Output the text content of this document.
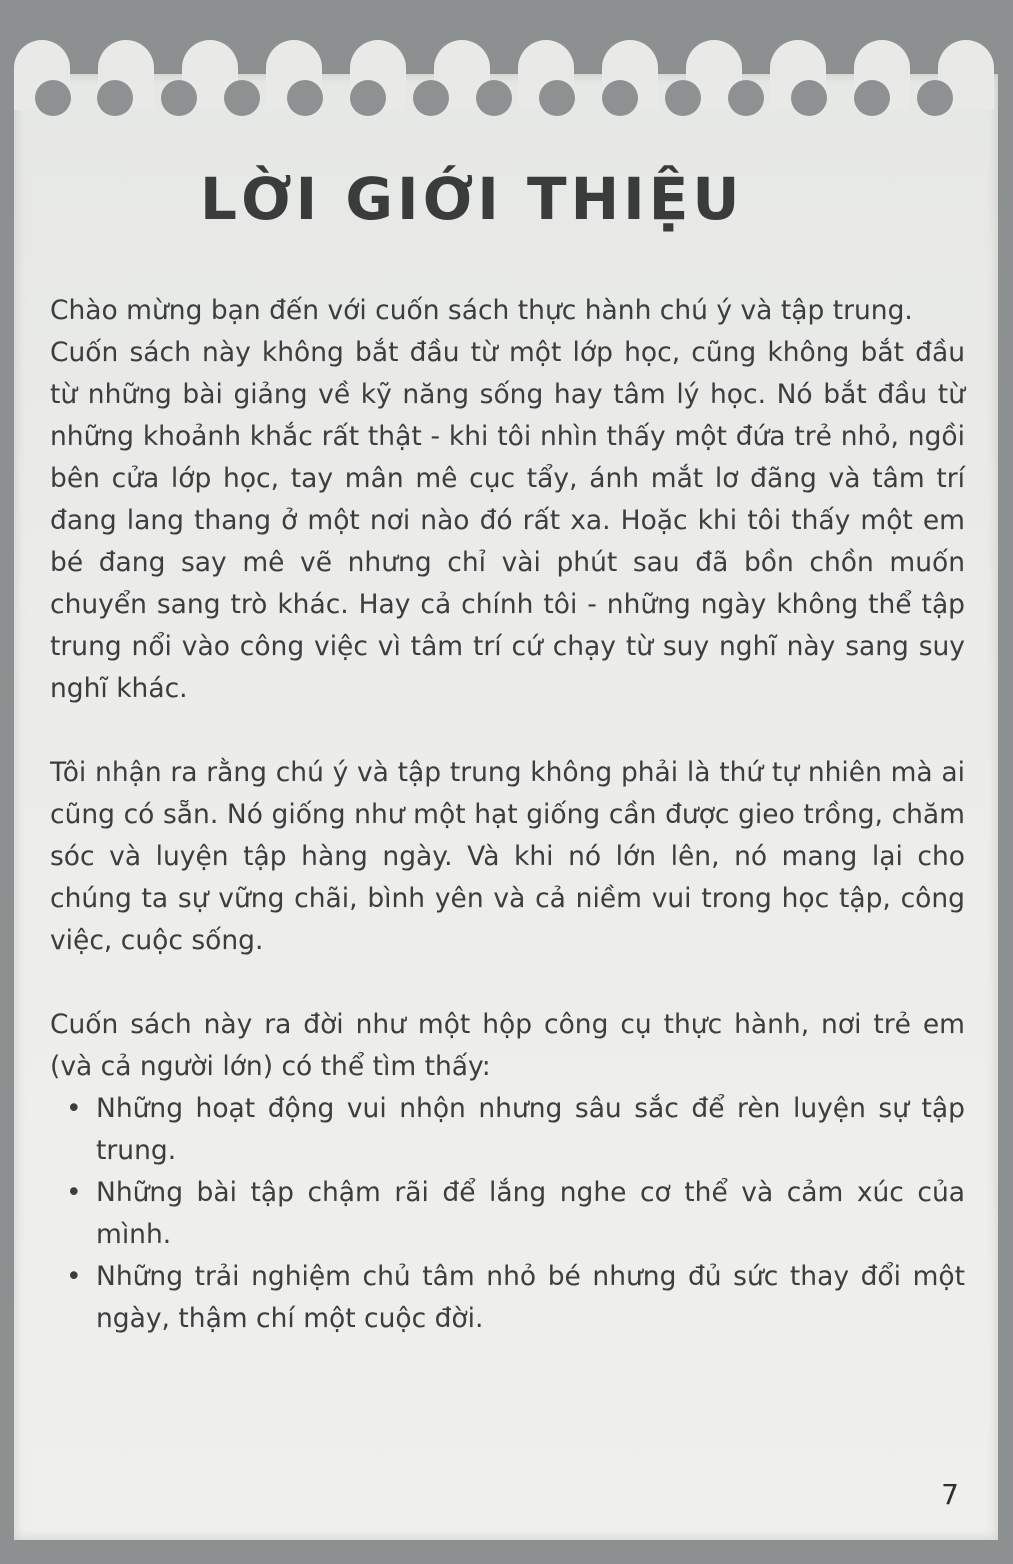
LỜI GIỚI THIỆU

Chào mừng bạn đến với cuốn sách thực hành chú ý và tập trung.

Cuốn sách này không bắt đầu từ một lớp học, cũng không bắt đầu từ những bài giảng về kỹ năng sống hay tâm lý học. Nó bắt đầu từ những khoảnh khắc rất thật - khi tôi nhìn thấy một đứa trẻ nhỏ, ngồi bên cửa lớp học, tay mân mê cục tẩy, ánh mắt lơ đãng và tâm trí đang lang thang ở một nơi nào đó rất xa. Hoặc khi tôi thấy một em bé đang say mê vẽ nhưng chỉ vài phút sau đã bồn chồn muốn chuyển sang trò khác. Hay cả chính tôi - những ngày không thể tập trung nổi vào công việc vì tâm trí cứ chạy từ suy nghĩ này sang suy nghĩ khác.

Tôi nhận ra rằng chú ý và tập trung không phải là thứ tự nhiên mà ai cũng có sẵn. Nó giống như một hạt giống cần được gieo trồng, chăm sóc và luyện tập hàng ngày. Và khi nó lớn lên, nó mang lại cho chúng ta sự vững chãi, bình yên và cả niềm vui trong học tập, công việc, cuộc sống.

Cuốn sách này ra đời như một hộp công cụ thực hành, nơi trẻ em (và cả người lớn) có thể tìm thấy:

• Những hoạt động vui nhộn nhưng sâu sắc để rèn luyện sự tập trung.
• Những bài tập chậm rãi để lắng nghe cơ thể và cảm xúc của mình.
• Những trải nghiệm chủ tâm nhỏ bé nhưng đủ sức thay đổi một ngày, thậm chí một cuộc đời.
7
